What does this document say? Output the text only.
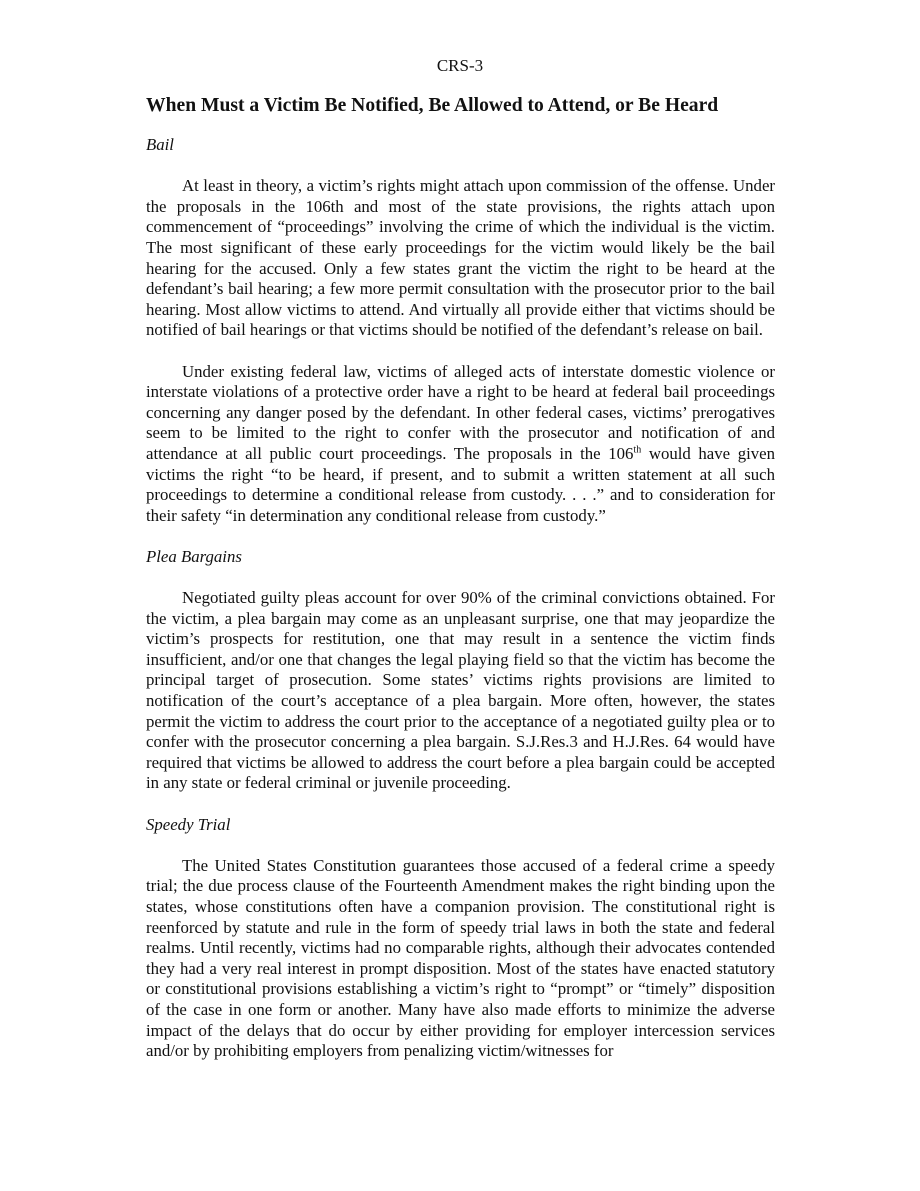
CRS-3
When Must a Victim Be Notified, Be Allowed to Attend, or Be Heard
Bail

At least in theory, a victim’s rights might attach upon commission of the offense. Under the proposals in the 106th and most of the state provisions, the rights attach upon commencement of “proceedings” involving the crime of which the individual is the victim. The most significant of these early proceedings for the victim would likely be the bail hearing for the accused. Only a few states grant the victim the right to be heard at the defendant’s bail hearing; a few more permit consultation with the prosecutor prior to the bail hearing. Most allow victims to attend. And virtually all provide either that victims should be notified of bail hearings or that victims should be notified of the defendant’s release on bail.

Under existing federal law, victims of alleged acts of interstate domestic violence or interstate violations of a protective order have a right to be heard at federal bail proceedings concerning any danger posed by the defendant. In other federal cases, victims’ prerogatives seem to be limited to the right to confer with the prosecutor and notification of and attendance at all public court proceedings. The proposals in the 106th would have given victims the right “to be heard, if present, and to submit a written statement at all such proceedings to determine a conditional release from custody. . . .” and to consideration for their safety “in determination any conditional release from custody.”

Plea Bargains

Negotiated guilty pleas account for over 90% of the criminal convictions obtained. For the victim, a plea bargain may come as an unpleasant surprise, one that may jeopardize the victim’s prospects for restitution, one that may result in a sentence the victim finds insufficient, and/or one that changes the legal playing field so that the victim has become the principal target of prosecution. Some states’ victims rights provisions are limited to notification of the court’s acceptance of a plea bargain. More often, however, the states permit the victim to address the court prior to the acceptance of a negotiated guilty plea or to confer with the prosecutor concerning a plea bargain. S.J.Res.3 and H.J.Res. 64 would have required that victims be allowed to address the court before a plea bargain could be accepted in any state or federal criminal or juvenile proceeding.

Speedy Trial

The United States Constitution guarantees those accused of a federal crime a speedy trial; the due process clause of the Fourteenth Amendment makes the right binding upon the states, whose constitutions often have a companion provision. The constitutional right is reenforced by statute and rule in the form of speedy trial laws in both the state and federal realms. Until recently, victims had no comparable rights, although their advocates contended they had a very real interest in prompt disposition. Most of the states have enacted statutory or constitutional provisions establishing a victim’s right to “prompt” or “timely” disposition of the case in one form or another. Many have also made efforts to minimize the adverse impact of the delays that do occur by either providing for employer intercession services and/or by prohibiting employers from penalizing victim/witnesses for
